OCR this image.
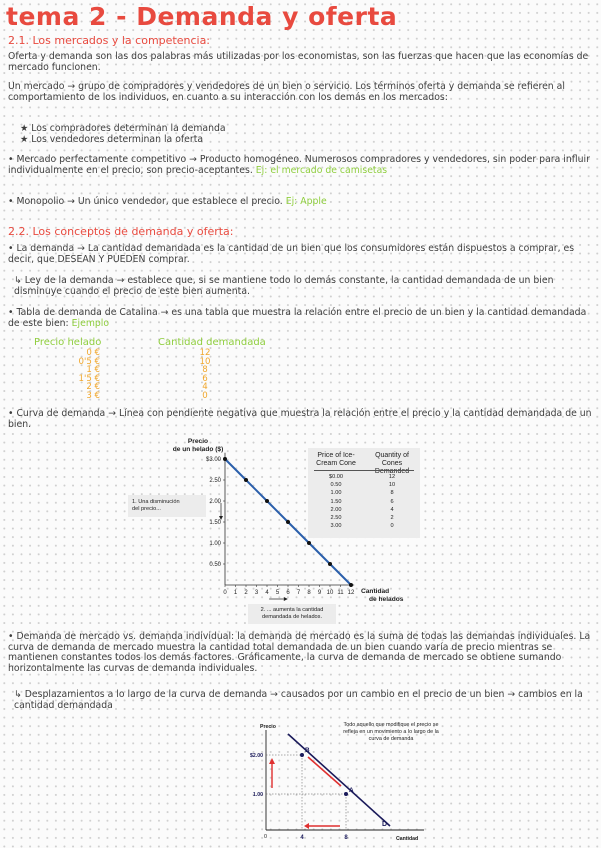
tema 2 - Demanda y oferta
2.1. Los mercados y la competencia:
Oferta y demanda son las dos palabras más utilizadas por los economistas, son las fuerzas que hacen que las economías de mercado funcionen.
Un mercado → grupo de compradores y vendedores de un bien o servicio. Los términos oferta y demanda se refieren al comportamiento de los individuos, en cuanto a su interacción con los demás en los mercados:
★ Los compradores determinan la demanda
★ Los vendedores determinan la oferta
• Mercado perfectamente competitivo → Producto homogéneo. Numerosos compradores y vendedores, sin poder para influir individualmente en el precio, son precio-aceptantes. Ej: el mercado de camisetas
• Monopolio → Un único vendedor, que establece el precio. Ej: Apple
2.2. Los conceptos de demanda y oferta:
• La demanda → La cantidad demandada es la cantidad de un bien que los consumidores están dispuestos a comprar, es decir, que DESEAN Y PUEDEN comprar.
↳ Ley de la demanda → establece que, si se mantiene todo lo demás constante, la cantidad demandada de un bien disminuye cuando el precio de este bien aumenta.
• Tabla de demanda de Catalina → es una tabla que muestra la relación entre el precio de un bien y la cantidad demandada de este bien: Ejemplo
Precio helado	Cantidad demandada
0 €
0'5 €
1 €
1'5 €
2 €
3 €
12
10
8
6
4
0
• Curva de demanda → Línea con pendiente negativa que muestra la relación entre el precio y la cantidad demandada de un bien.
Precio de un helado ($)
$3.00
2.50
2.00
1.50
1.00
0.50
0 1 2 3 4 5 6 7 8 9 10 11 12 Cantidad de helados
1. Una disminución del precio...
2. ... aumenta la cantidad demandada de helados.
Price of Ice-Cream Cone
Quantity of Cones Demanded
$0.00
0.50
1.00
1.50
2.00
2.50
3.00
12
10
8
6
4
2
0
• Demanda de mercado vs. demanda individual: la demanda de mercado es la suma de todas las demandas individuales. La curva de demanda de mercado muestra la cantidad total demandada de un bien cuando varía de precio mientras se mantienen constantes todos los demás factores. Gráficamente, la curva de demanda de mercado se obtiene sumando horizontalmente las curvas de demanda individuales.
↳ Desplazamientos a lo largo de la curva de demanda → causados por un cambio en el precio de un bien → cambios en la cantidad demandada
Precio
Cantidad
0
D
B
A
$2.00
1.00
4	8
Todo aquello que modifique el precio se refleja en un movimiento a lo largo de la curva de demanda
